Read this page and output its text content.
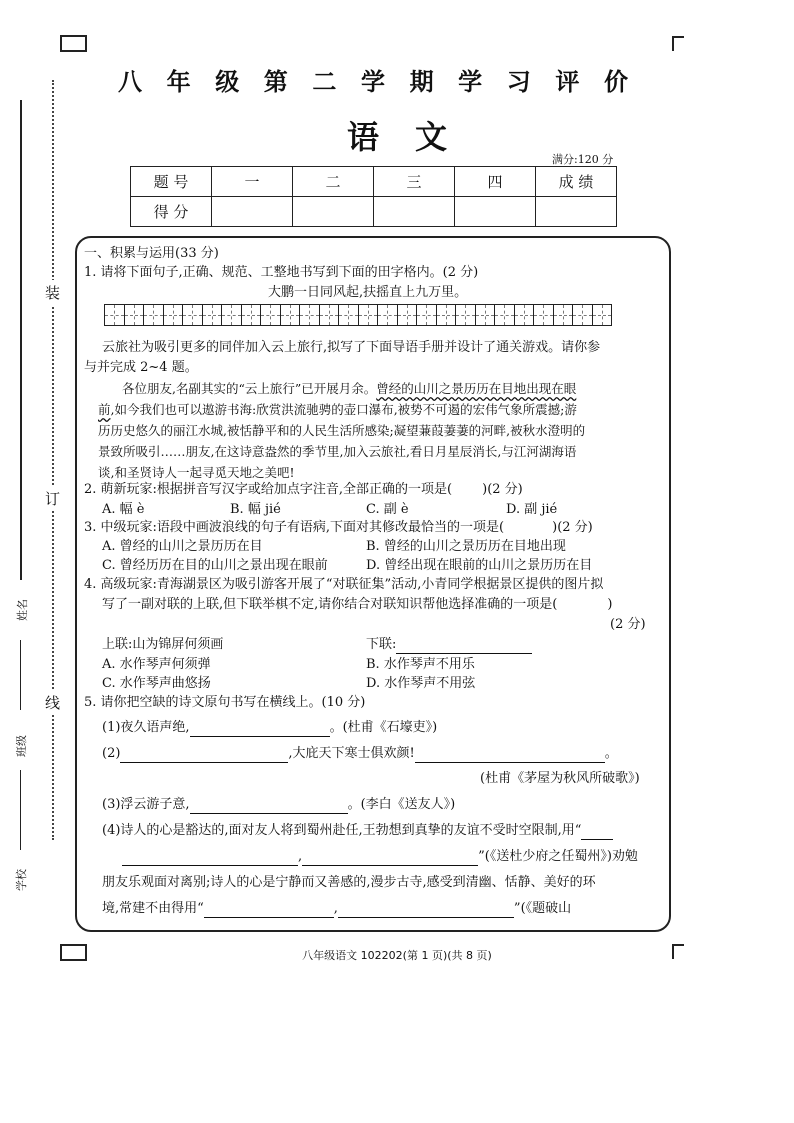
装
订
线
姓名
班级
学校
八 年 级 第 二 学 期 学 习 评 价
语 文
满分:120 分
题 号	一	二	三	四	成 绩
得 分					
一、积累与运用(33 分)
1. 请将下面句子,正确、规范、工整地书写到下面的田字格内。(2 分)
大鹏一日同风起,扶摇直上九万里。
云旅社为吸引更多的同伴加入云上旅行,拟写了下面导语手册并设计了通关游戏。请你参
与并完成 2~4 题。
各位朋友,名副其实的“云上旅行”已开展月余。曾经的山川之景历历在目地出现在眼
前,如今我们也可以遨游书海:欣赏洪流驰骋的壶口瀑布,被势不可遏的宏伟气象所震撼;游
历历史悠久的丽江水城,被恬静平和的人民生活所感染;凝望蒹葭萋萋的河畔,被秋水澄明的
景致所吸引……朋友,在这诗意盎然的季节里,加入云旅社,看日月星辰消长,与江河湖海语
谈,和圣贤诗人一起寻觅天地之美吧!
2. 萌新玩家:根据拼音写汉字或给加点字注音,全部正确的一项是( )(2 分)
A. 幅 è	B. 幅 jié	C. 副 è	D. 副 jié
3. 中级玩家:语段中画波浪线的句子有语病,下面对其修改最恰当的一项是(	)(2 分)
A. 曾经的山川之景历历在目	B. 曾经的山川之景历历在目地出现
C. 曾经历历在目的山川之景出现在眼前	D. 曾经出现在眼前的山川之景历历在目
4. 高级玩家:青海湖景区为吸引游客开展了“对联征集”活动,小青同学根据景区提供的图片拟
写了一副对联的上联,但下联举棋不定,请你结合对联知识帮他选择准确的一项是(	)
(2 分)
上联:山为锦屏何须画	下联:
A. 水作琴声何须弹	B. 水作琴声不用乐
C. 水作琴声曲悠扬	D. 水作琴声不用弦
5. 请你把空缺的诗文原句书写在横线上。(10 分)
(1)夜久语声绝,	。(杜甫《石壕吏》)
(2)	,大庇天下寒士俱欢颜!	。
(杜甫《茅屋为秋风所破歌》)
(3)浮云游子意,	。(李白《送友人》)
(4)诗人的心是豁达的,面对友人将到蜀州赴任,王勃想到真挚的友谊不受时空限制,用“
,	”(《送杜少府之任蜀州》)劝勉
朋友乐观面对离别;诗人的心是宁静而又善感的,漫步古寺,感受到清幽、恬静、美好的环
境,常建不由得用“	,	”(《题破山
八年级语文 102202(第 1 页)(共 8 页)
